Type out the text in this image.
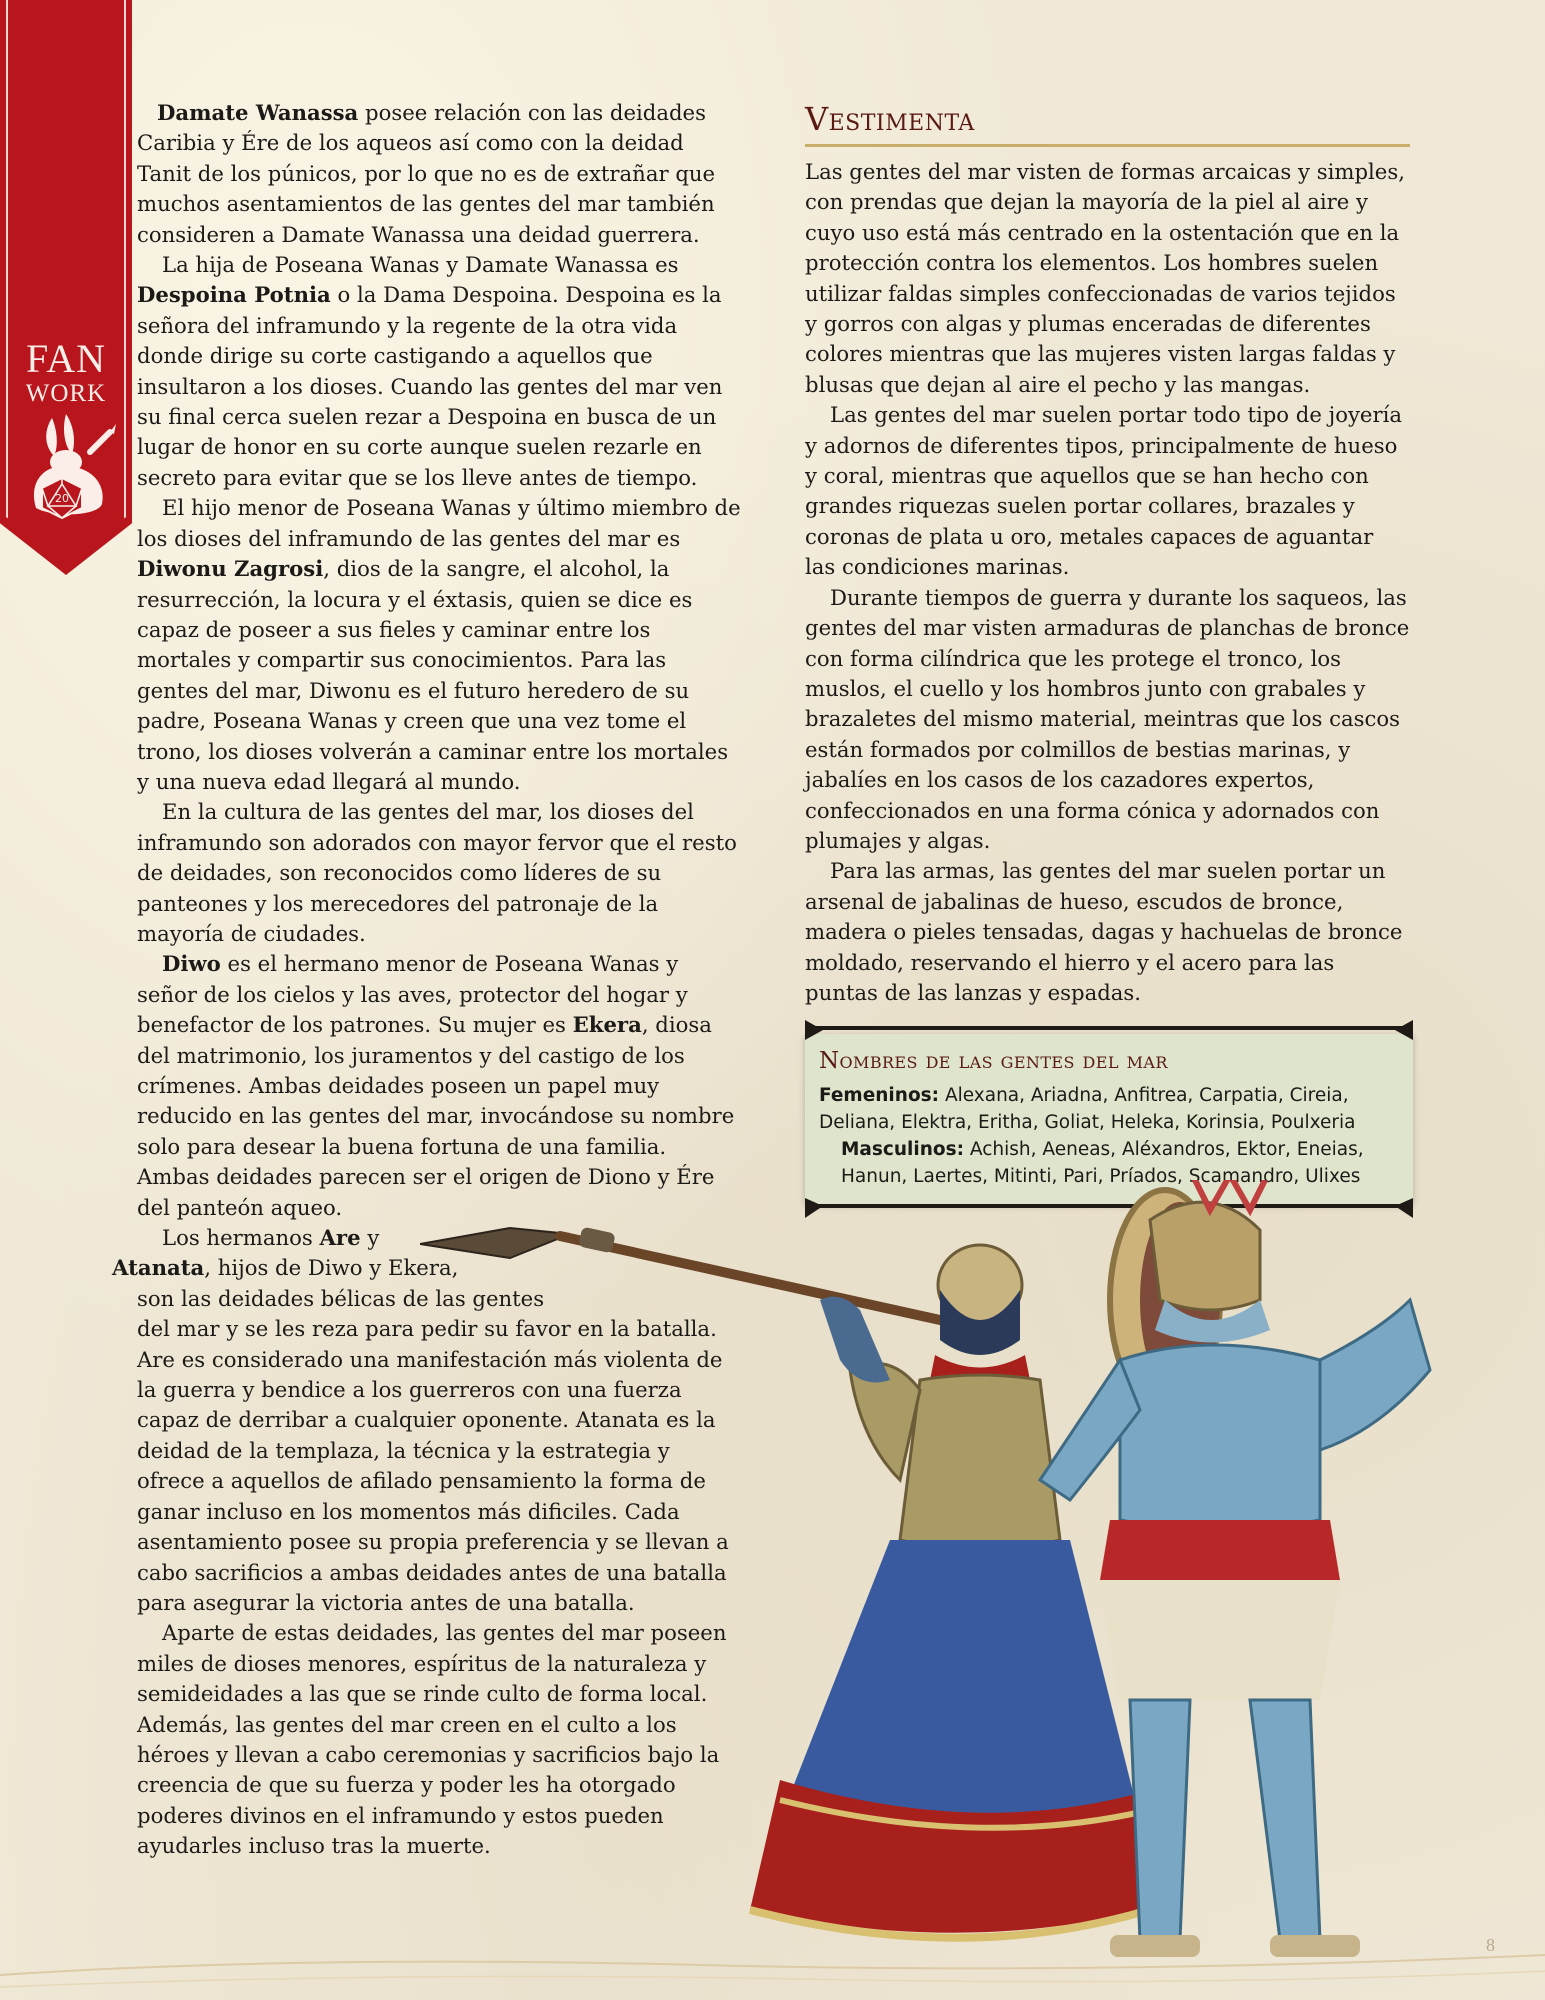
FAN
WORK
20

Damate Wanassa posee relación con las deidades Caribia y Ére de los aqueos así como con la deidad Tanit de los púnicos, por lo que no es de extrañar que muchos asentamientos de las gentes del mar también consideren a Damate Wanassa una deidad guerrera.

La hija de Poseana Wanas y Damate Wanassa es Despoina Potnia o la Dama Despoina. Despoina es la señora del inframundo y la regente de la otra vida donde dirige su corte castigando a aquellos que insultaron a los dioses. Cuando las gentes del mar ven su final cerca suelen rezar a Despoina en busca de un lugar de honor en su corte aunque suelen rezarle en secreto para evitar que se los lleve antes de tiempo.

El hijo menor de Poseana Wanas y último miembro de los dioses del inframundo de las gentes del mar es Diwonu Zagrosi, dios de la sangre, el alcohol, la resurrección, la locura y el éxtasis, quien se dice es capaz de poseer a sus fieles y caminar entre los mortales y compartir sus conocimientos. Para las gentes del mar, Diwonu es el futuro heredero de su padre, Poseana Wanas y creen que una vez tome el trono, los dioses volverán a caminar entre los mortales y una nueva edad llegará al mundo.

En la cultura de las gentes del mar, los dioses del inframundo son adorados con mayor fervor que el resto de deidades, son reconocidos como líderes de su panteones y los merecedores del patronaje de la mayoría de ciudades.

Diwo es el hermano menor de Poseana Wanas y señor de los cielos y las aves, protector del hogar y benefactor de los patrones. Su mujer es Ekera, diosa del matrimonio, los juramentos y del castigo de los crímenes. Ambas deidades poseen un papel muy reducido en las gentes del mar, invocándose su nombre solo para desear la buena fortuna de una familia. Ambas deidades parecen ser el origen de Diono y Ére del panteón aqueo.

Los hermanos Are y
Atanata, hijos de Diwo y Ekera,
son las deidades bélicas de las gentes
del mar y se les reza para pedir su favor en la batalla. Are es considerado una manifestación más violenta de la guerra y bendice a los guerreros con una fuerza capaz de derribar a cualquier oponente. Atanata es la deidad de la templaza, la técnica y la estrategia y ofrece a aquellos de afilado pensamiento la forma de ganar incluso en los momentos más dificiles. Cada asentamiento posee su propia preferencia y se llevan a cabo sacrificios a ambas deidades antes de una batalla para asegurar la victoria antes de una batalla.

Aparte de estas deidades, las gentes del mar poseen miles de dioses menores, espíritus de la naturaleza y semideidades a las que se rinde culto de forma local. Además, las gentes del mar creen en el culto a los héroes y llevan a cabo ceremonias y sacrificios bajo la creencia de que su fuerza y poder les ha otorgado poderes divinos en el inframundo y estos pueden ayudarles incluso tras la muerte.

Vestimenta

Las gentes del mar visten de formas arcaicas y simples, con prendas que dejan la mayoría de la piel al aire y cuyo uso está más centrado en la ostentación que en la protección contra los elementos. Los hombres suelen utilizar faldas simples confeccionadas de varios tejidos y gorros con algas y plumas enceradas de diferentes colores mientras que las mujeres visten largas faldas y blusas que dejan al aire el pecho y las mangas.

Las gentes del mar suelen portar todo tipo de joyería y adornos de diferentes tipos, principalmente de hueso y coral, mientras que aquellos que se han hecho con grandes riquezas suelen portar collares, brazales y coronas de plata u oro, metales capaces de aguantar las condiciones marinas.

Durante tiempos de guerra y durante los saqueos, las gentes del mar visten armaduras de planchas de bronce con forma cilíndrica que les protege el tronco, los muslos, el cuello y los hombros junto con grabales y brazaletes del mismo material, meintras que los cascos están formados por colmillos de bestias marinas, y jabalíes en los casos de los cazadores expertos, confeccionados en una forma cónica y adornados con plumajes y algas.

Para las armas, las gentes del mar suelen portar un arsenal de jabalinas de hueso, escudos de bronce, madera o pieles tensadas, dagas y hachuelas de bronce moldado, reservando el hierro y el acero para las puntas de las lanzas y espadas.

Nombres de las gentes del mar
Femeninos: Alexana, Ariadna, Anfitrea, Carpatia, Cireia, Deliana, Elektra, Eritha, Goliat, Heleka, Korinsia, Poulxeria
Masculinos: Achish, Aeneas, Aléxandros, Ektor, Eneias, Hanun, Laertes, Mitinti, Pari, Príados, Scamandro, Ulixes
8
